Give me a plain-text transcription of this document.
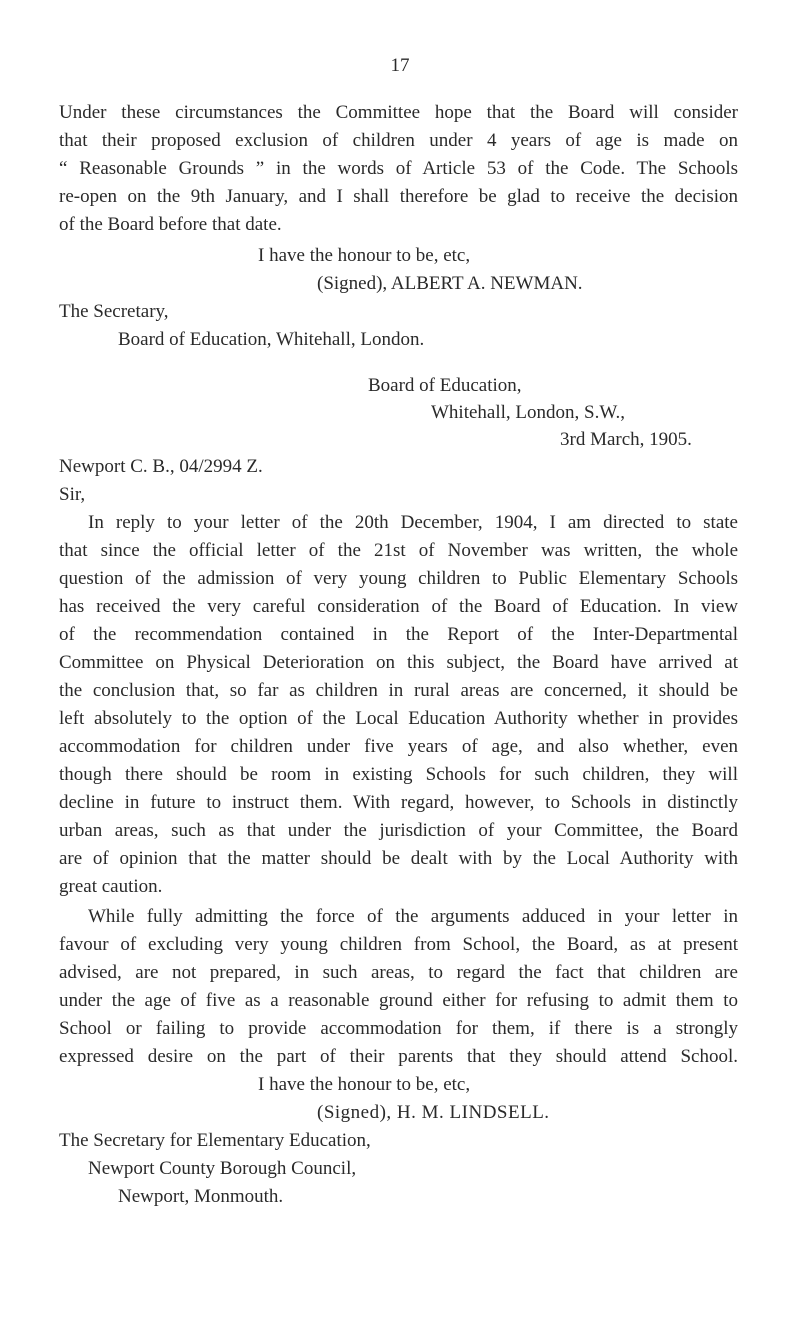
17
Under these circumstances the Committee hope that the Board will consider
that their proposed exclusion of children under 4 years of age is made on
“ Reasonable Grounds ” in the words of Article 53 of the Code. The Schools
re-open on the 9th January, and I shall therefore be glad to receive the decision
of the Board before that date.
I have the honour to be, etc,
(Signed), ALBERT A. NEWMAN.
The Secretary,
Board of Education, Whitehall, London.
Board of Education,
Whitehall, London, S.W.,
3rd March, 1905.
Newport C. B., 04/2994 Z.
Sir,
In reply to your letter of the 20th December, 1904, I am directed to state
that since the official letter of the 21st of November was written, the whole
question of the admission of very young children to Public Elementary Schools
has received the very careful consideration of the Board of Education. In view
of the recommendation contained in the Report of the Inter-Departmental
Committee on Physical Deterioration on this subject, the Board have arrived at
the conclusion that, so far as children in rural areas are concerned, it should be
left absolutely to the option of the Local Education Authority whether in provides
accommodation for children under five years of age, and also whether, even
though there should be room in existing Schools for such children, they will
decline in future to instruct them. With regard, however, to Schools in distinctly
urban areas, such as that under the jurisdiction of your Committee, the Board
are of opinion that the matter should be dealt with by the Local Authority with
great caution.
While fully admitting the force of the arguments adduced in your letter in
favour of excluding very young children from School, the Board, as at present
advised, are not prepared, in such areas, to regard the fact that children are
under the age of five as a reasonable ground either for refusing to admit them to
School or failing to provide accommodation for them, if there is a strongly
expressed desire on the part of their parents that they should attend School.
I have the honour to be, etc,
(Signed), H. M. LINDSELL.
The Secretary for Elementary Education,
Newport County Borough Council,
Newport, Monmouth.
